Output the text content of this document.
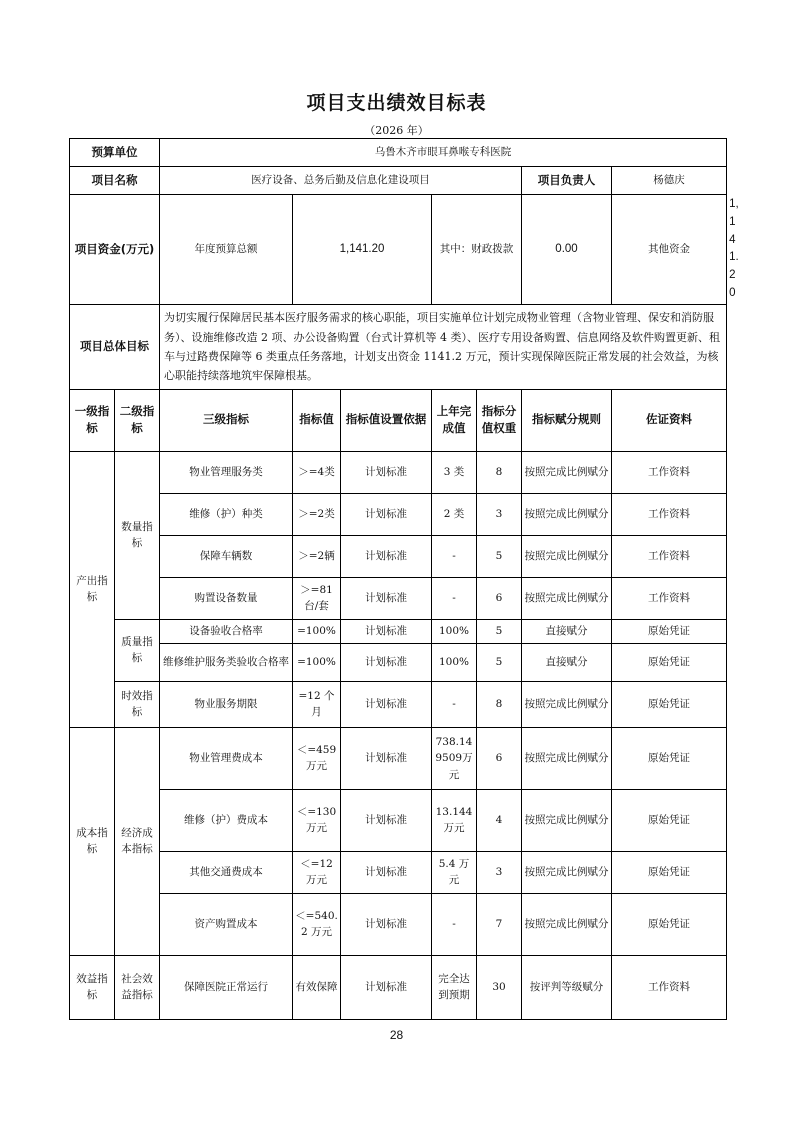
项目支出绩效目标表
（2026 年）
预算单位		乌鲁木齐市眼耳鼻喉专科医院							
项目名称		医疗设备、总务后勤及信息化建设项目					项目负责人	杨德庆	
项目资金(万元)		年度预算总额	1,141.20		其中：财政拨款		0.00	其他资金	1,141.20
项目总体目标		为切实履行保障居民基本医疗服务需求的核心职能，项目实施单位计划完成物业管理（含物业管理、保安和消防服务）、设施维修改造 2 项、办公设备购置（台式计算机等 4 类）、医疗专用设备购置、信息网络及软件购置更新、租车与过路费保障等 6 类重点任务落地，计划支出资金 1141.2 万元，预计实现保障医院正常发展的社会效益，为核心职能持续落地筑牢保障根基。							
一级指标	二级指标	三级指标	指标值	指标值设置依据	上年完成值	指标分值权重	指标赋分规则	佐证资料	
产出指标	数量指标	物业管理服务类	＞=4类	计划标准	3 类	8	按照完成比例赋分	工作资料	
		维修（护）种类	＞=2类	计划标准	2 类	3	按照完成比例赋分	工作资料	
		保障车辆数	＞=2辆	计划标准	-	5	按照完成比例赋分	工作资料	
		购置设备数量	＞=81台/套	计划标准	-	6	按照完成比例赋分	工作资料	
	质量指标	设备验收合格率	=100%	计划标准	100%	5	直接赋分	原始凭证	
		维修维护服务类验收合格率	=100%	计划标准	100%	5	直接赋分	原始凭证	
	时效指标	物业服务期限	=12 个月	计划标准	-	8	按照完成比例赋分	原始凭证	
成本指标	经济成本指标	物业管理费成本	＜=459万元	计划标准	738.149509万元	6	按照完成比例赋分	原始凭证	
		维修（护）费成本	＜=130万元	计划标准	13.144 万元	4	按照完成比例赋分	原始凭证	
		其他交通费成本	＜=12万元	计划标准	5.4 万元	3	按照完成比例赋分	原始凭证	
		资产购置成本	＜=540.2 万元	计划标准	-	7	按照完成比例赋分	原始凭证	
效益指标	社会效益指标	保障医院正常运行	有效保障	计划标准	完全达到预期	30	按评判等级赋分	工作资料	
28
